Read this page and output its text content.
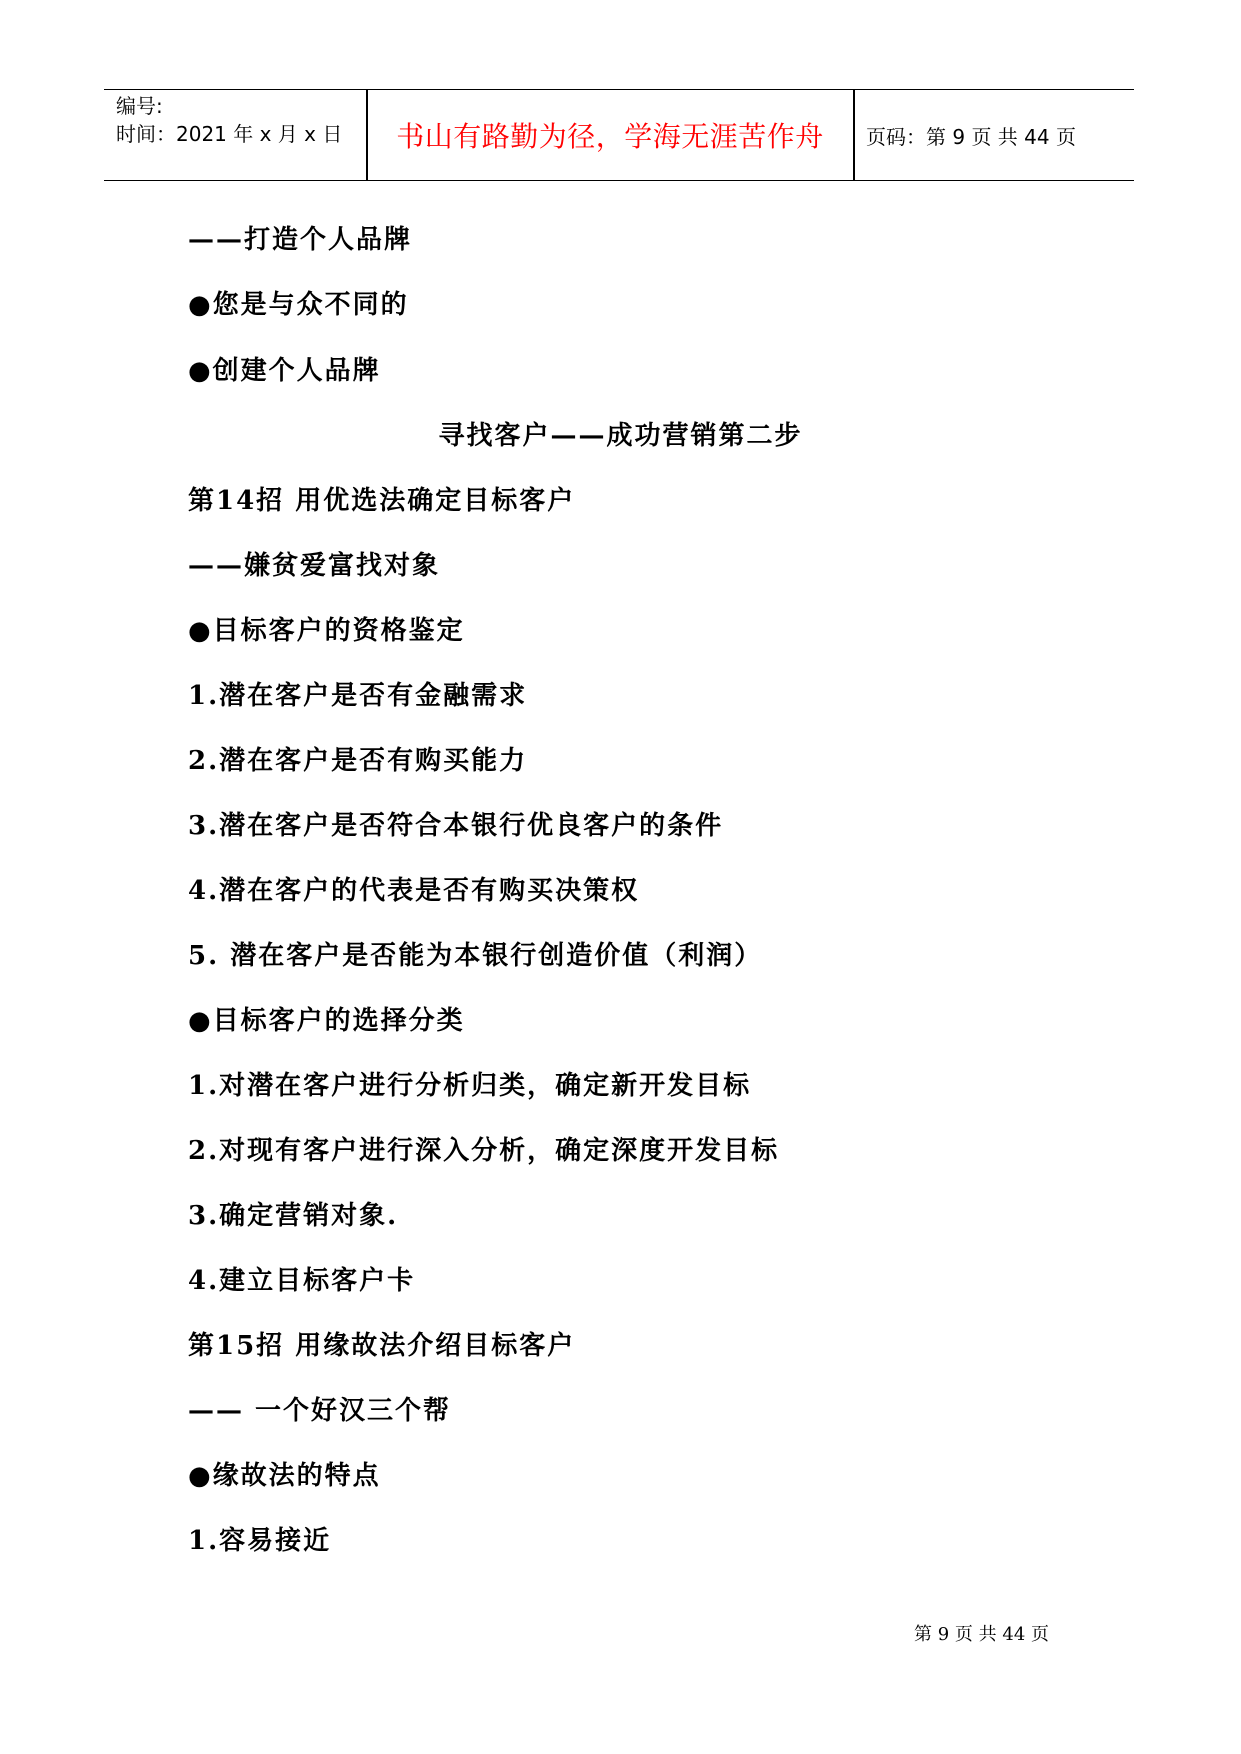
编号:
时间：2021 年 x 月 x 日	书山有路勤为径，学海无涯苦作舟	页码：第 9 页 共 44 页
——打造个人品牌
●您是与众不同的
●创建个人品牌
寻找客户——成功营销第二步
第14招 用优选法确定目标客户
——嫌贫爱富找对象
●目标客户的资格鉴定
1.潜在客户是否有金融需求
2.潜在客户是否有购买能力
3.潜在客户是否符合本银行优良客户的条件
4.潜在客户的代表是否有购买决策权
5. 潜在客户是否能为本银行创造价值（利润）
●目标客户的选择分类
1.对潜在客户进行分析归类，确定新开发目标
2.对现有客户进行深入分析，确定深度开发目标
3.确定营销对象.
4.建立目标客户卡
第15招 用缘故法介绍目标客户
—— 一个好汉三个帮
●缘故法的特点
1.容易接近
第 9 页 共 44 页
